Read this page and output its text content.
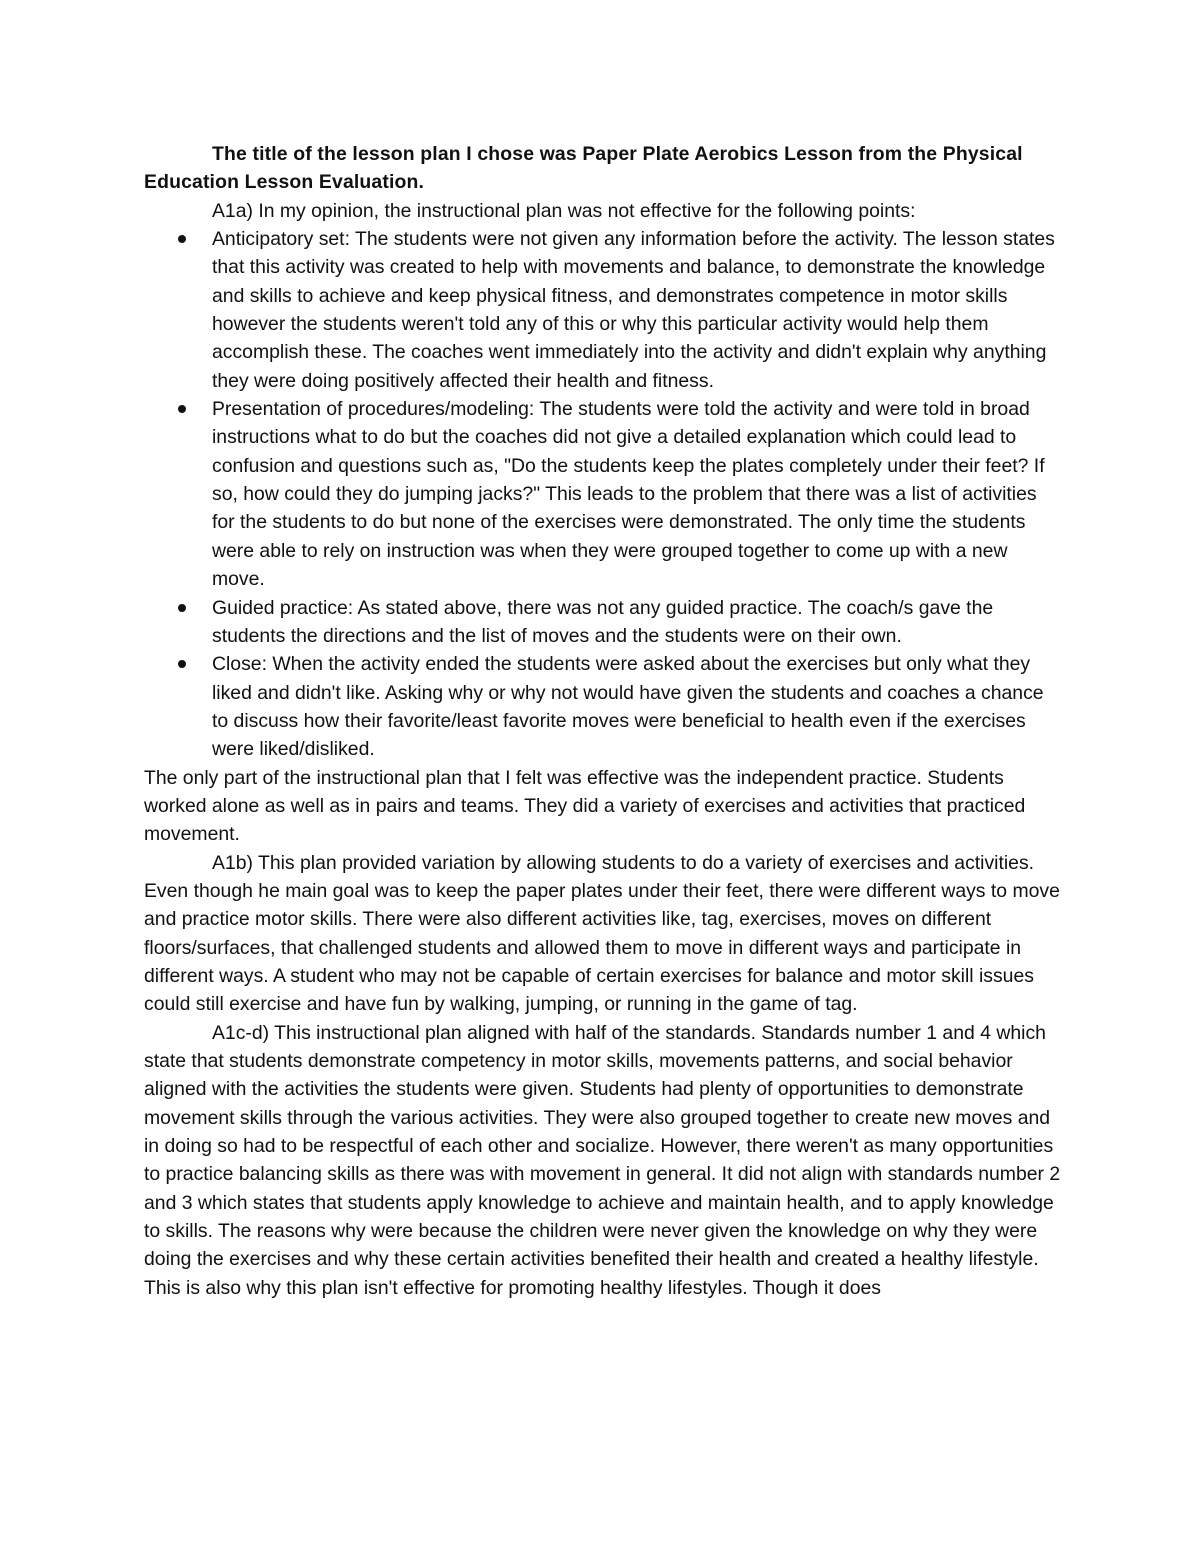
The title of the lesson plan I chose was Paper Plate Aerobics Lesson from the Physical Education Lesson Evaluation.

A1a) In my opinion, the instructional plan was not effective for the following points:

Anticipatory set: The students were not given any information before the activity. The lesson states that this activity was created to help with movements and balance, to demonstrate the knowledge and skills to achieve and keep physical fitness, and demonstrates competence in motor skills however the students weren't told any of this or why this particular activity would help them accomplish these. The coaches went immediately into the activity and didn't explain why anything they were doing positively affected their health and fitness.
Presentation of procedures/modeling: The students were told the activity and were told in broad instructions what to do but the coaches did not give a detailed explanation which could lead to confusion and questions such as, "Do the students keep the plates completely under their feet? If so, how could they do jumping jacks?" This leads to the problem that there was a list of activities for the students to do but none of the exercises were demonstrated. The only time the students were able to rely on instruction was when they were grouped together to come up with a new move.
Guided practice: As stated above, there was not any guided practice. The coach/s gave the students the directions and the list of moves and the students were on their own.
Close: When the activity ended the students were asked about the exercises but only what they liked and didn't like. Asking why or why not would have given the students and coaches a chance to discuss how their favorite/least favorite moves were beneficial to health even if the exercises were liked/disliked.

The only part of the instructional plan that I felt was effective was the independent practice. Students worked alone as well as in pairs and teams. They did a variety of exercises and activities that practiced movement.

A1b) This plan provided variation by allowing students to do a variety of exercises and activities. Even though he main goal was to keep the paper plates under their feet, there were different ways to move and practice motor skills. There were also different activities like, tag, exercises, moves on different floors/surfaces, that challenged students and allowed them to move in different ways and participate in different ways. A student who may not be capable of certain exercises for balance and motor skill issues could still exercise and have fun by walking, jumping, or running in the game of tag.

A1c-d) This instructional plan aligned with half of the standards. Standards number 1 and 4 which state that students demonstrate competency in motor skills, movements patterns, and social behavior aligned with the activities the students were given. Students had plenty of opportunities to demonstrate movement skills through the various activities. They were also grouped together to create new moves and in doing so had to be respectful of each other and socialize. However, there weren't as many opportunities to practice balancing skills as there was with movement in general. It did not align with standards number 2 and 3 which states that students apply knowledge to achieve and maintain health, and to apply knowledge to skills. The reasons why were because the children were never given the knowledge on why they were doing the exercises and why these certain activities benefited their health and created a healthy lifestyle. This is also why this plan isn't effective for promoting healthy lifestyles. Though it does
